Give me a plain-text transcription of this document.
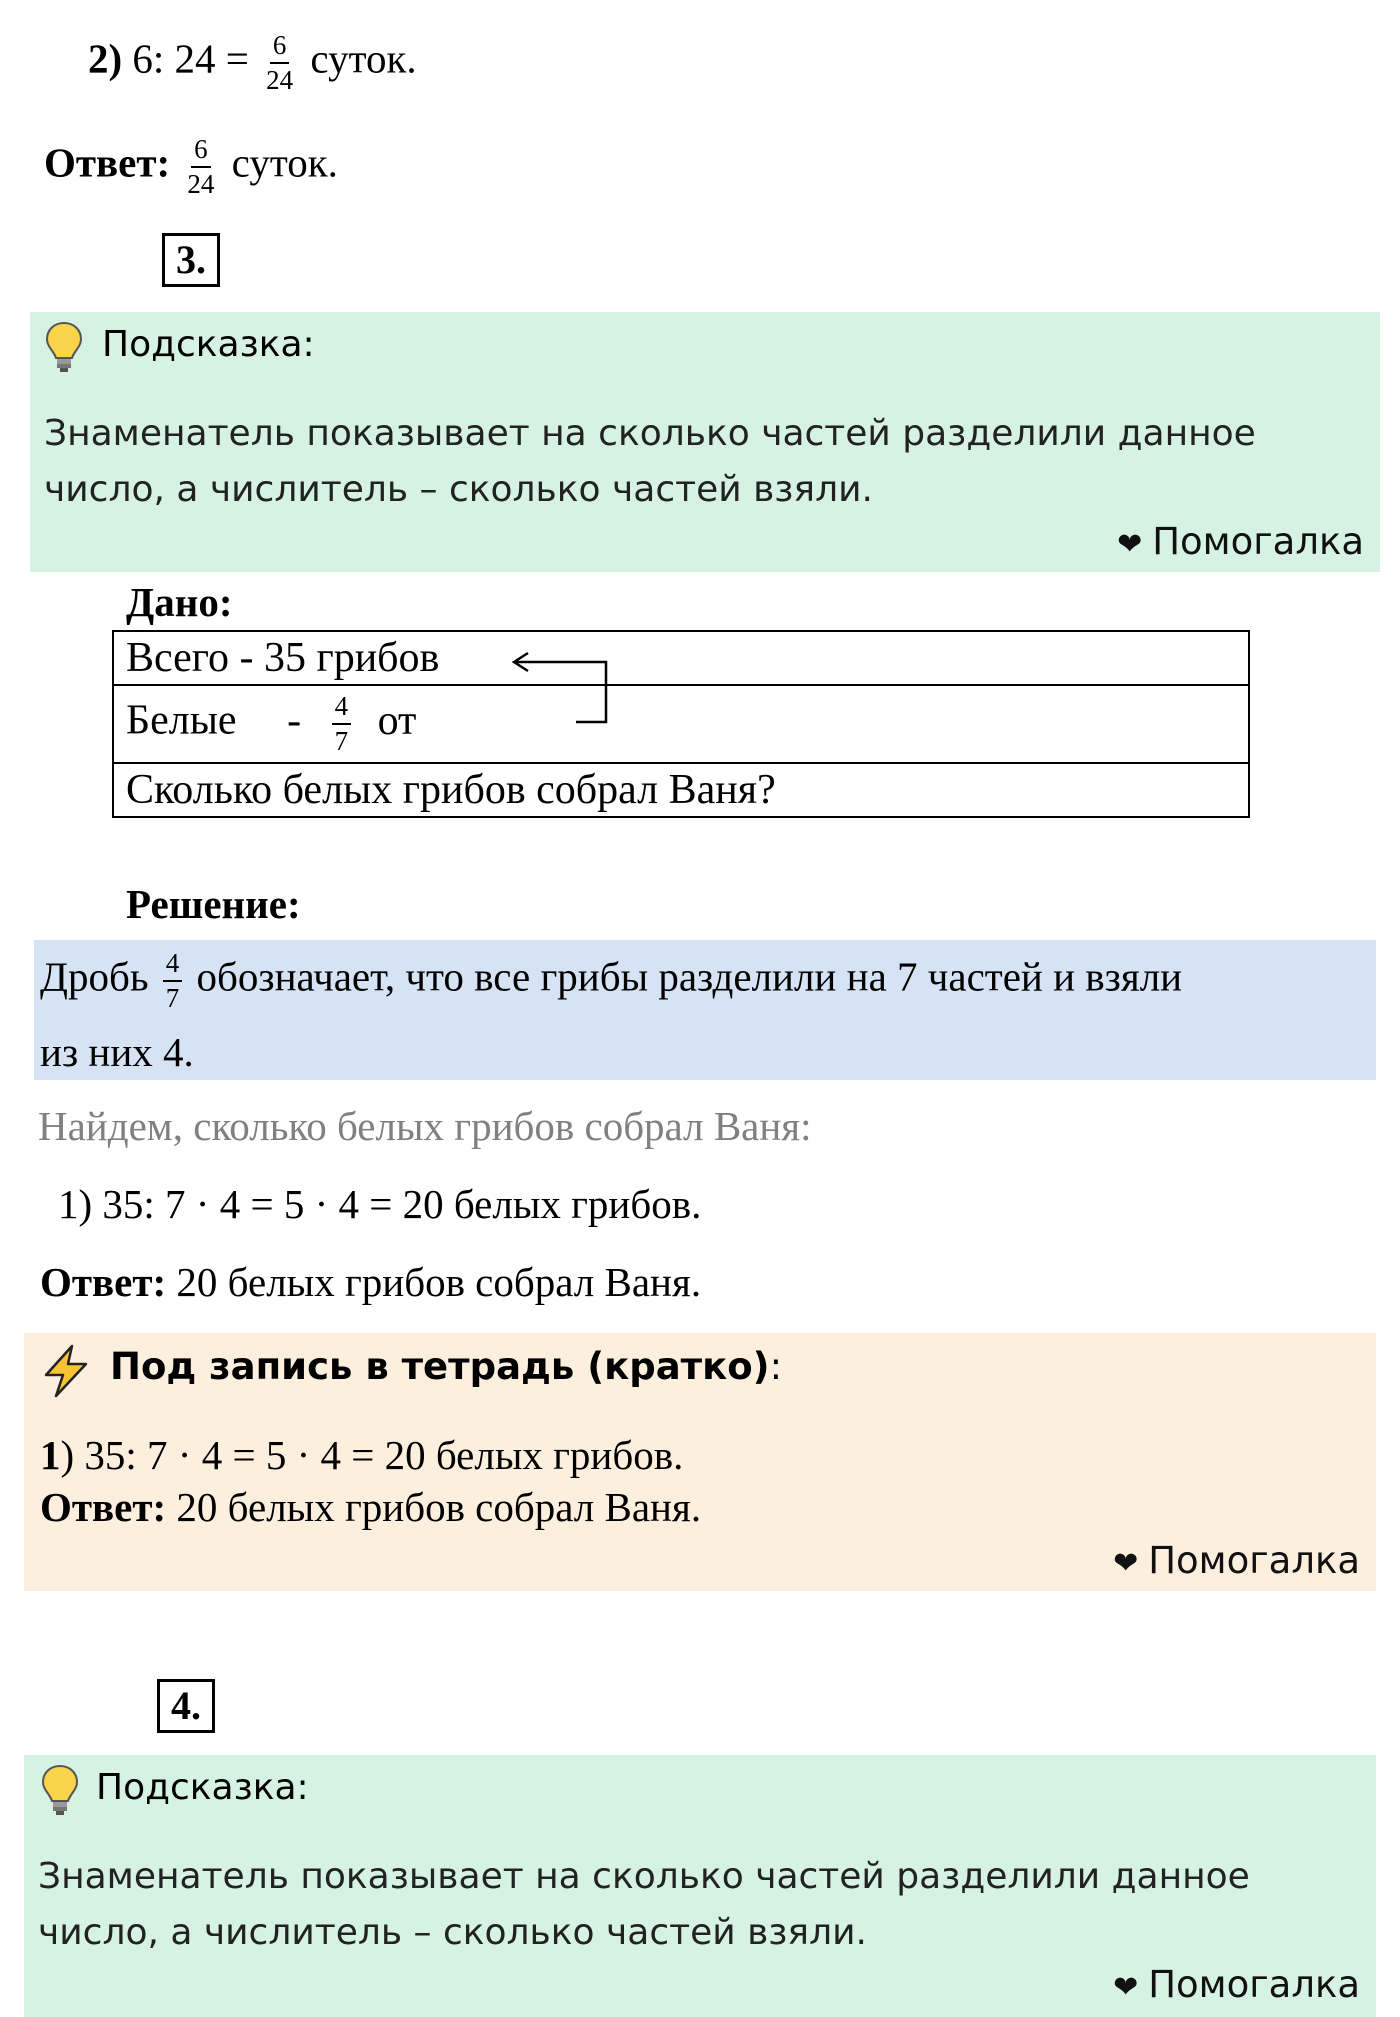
2) 6: $24 = \frac{6}{24}$ суток.
Ответ: $\frac{6}{24}$ суток.
3.
Подсказка:
Знаменатель показывает на сколько частей разделили данное число, а числитель – сколько частей взяли.
❤ Помогалка
Дано:
Всего - 35 грибов
Белые - $\frac{4}{7}$ от
Сколько белых грибов собрал Ваня?
Решение:
Дробь $\frac{4}{7}$ обозначает, что все грибы разделили на 7 частей и взяли
из них 4.
Найдем, сколько белых грибов собрал Ваня:
1) 35: 7 · 4 = 5 · 4 = 20 белых грибов.
Ответ: 20 белых грибов собрал Ваня.
Под запись в тетрадь (кратко):
1) 35: 7 · 4 = 5 · 4 = 20 белых грибов.
Ответ: 20 белых грибов собрал Ваня.
❤ Помогалка
4.
Подсказка:
Знаменатель показывает на сколько частей разделили данное число, а числитель – сколько частей взяли.
❤ Помогалка
